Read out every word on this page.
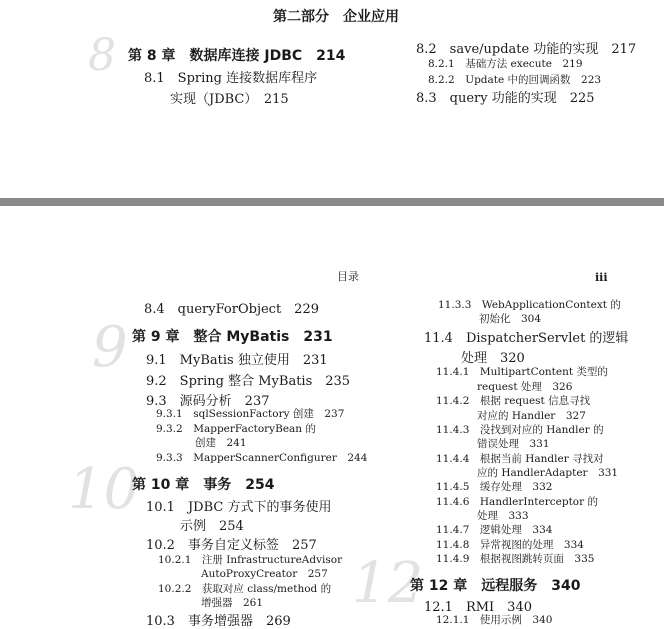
第二部分　企业应用
8 第 8 章　数据库连接 JDBC　214
8.1　Spring 连接数据库程序
实现（JDBC）　215
8.2　save/update 功能的实现　217
8.2.1　基础方法 execute　219
8.2.2　Update 中的回调函数　223
8.3　query 功能的实现　225
目录	iii
9
10
12
8.4　queryForObject　229
第 9 章　整合 MyBatis　231
9.1　MyBatis 独立使用　231
9.2　Spring 整合 MyBatis　235
9.3　源码分析　237
9.3.1　sqlSessionFactory 创建　237
9.3.2　MapperFactoryBean 的
创建　241
9.3.3　MapperScannerConfigurer　244
第 10 章　事务　254
10.1　JDBC 方式下的事务使用
示例　254
10.2　事务自定义标签　257
10.2.1　注册 InfrastructureAdvisor
AutoProxyCreator　257
10.2.2　获取对应 class/method 的
增强器　261
10.3　事务增强器　269
11.3.3　WebApplicationContext 的
初始化　304
11.4　DispatcherServlet 的逻辑
处理　320
11.4.1　MultipartContent 类型的
request 处理　326
11.4.2　根据 request 信息寻找
对应的 Handler　327
11.4.3　没找到对应的 Handler 的
错误处理　331
11.4.4　根据当前 Handler 寻找对
应的 HandlerAdapter　331
11.4.5　缓存处理　332
11.4.6　HandlerInterceptor 的
处理　333
11.4.7　逻辑处理　334
11.4.8　异常视图的处理　334
11.4.9　根据视图跳转页面　335
第 12 章　远程服务　340
12.1　RMI　340
12.1.1　使用示例　340
